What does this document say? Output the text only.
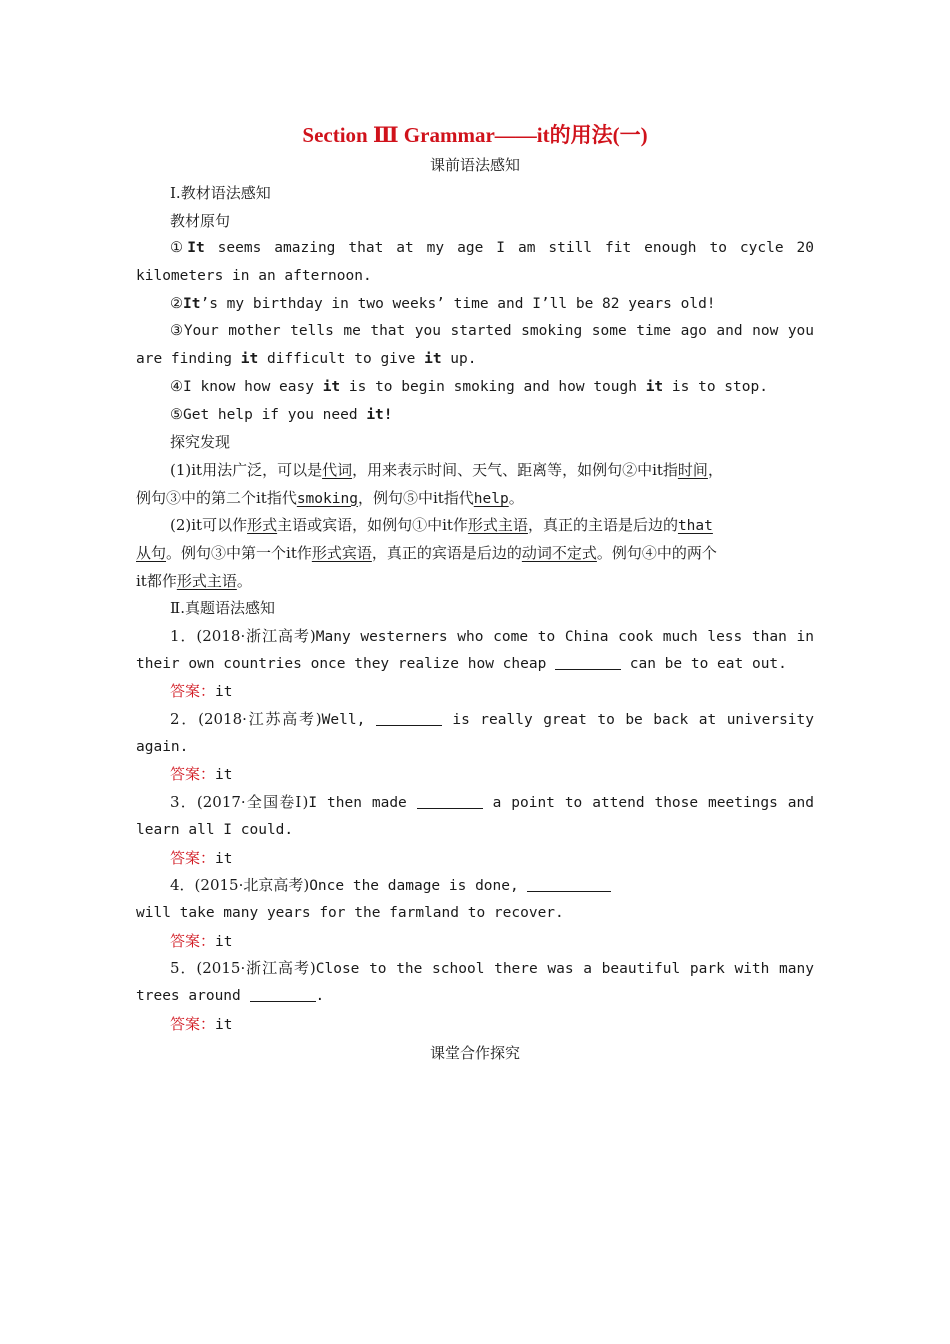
Section Ⅲ Grammar——it的用法(一)
课前语法感知
Ⅰ.教材语法感知
教材原句
①It seems amazing that at my age I am still fit enough to cycle 20
kilometers in an afternoon.
②It’s my birthday in two weeks’ time and I’ll be 82 years old!
③Your mother tells me that you started smoking some time ago and now you
are finding it difficult to give it up.
④I know how easy it is to begin smoking and how tough it is to stop.
⑤Get help if you need it!
探究发现
(1)it用法广泛，可以是代词，用来表示时间、天气、距离等，如例句②中it指时间，
例句③中的第二个it指代smoking，例句⑤中it指代help。
(2)it可以作形式主语或宾语，如例句①中it作形式主语，真正的主语是后边的that
从句。例句③中第一个it作形式宾语，真正的宾语是后边的动词不定式。例句④中的两个
it都作形式主语。
Ⅱ.真题语法感知
1．(2018·浙江高考)Many westerners who come to China cook much less than in
their own countries once they realize how cheap	can be to eat out.
答案：it
2．(2018·江苏高考)Well,	is really great to be back at university
again.
答案：it
3．(2017·全国卷Ⅰ)I then made	a point to attend those meetings and
learn all I could.
答案：it
4．(2015·北京高考)Once the damage is done,
will take many years for the farmland to recover.
答案：it
5．(2015·浙江高考)Close to the school there was a beautiful park with many
trees around	.
答案：it
课堂合作探究
